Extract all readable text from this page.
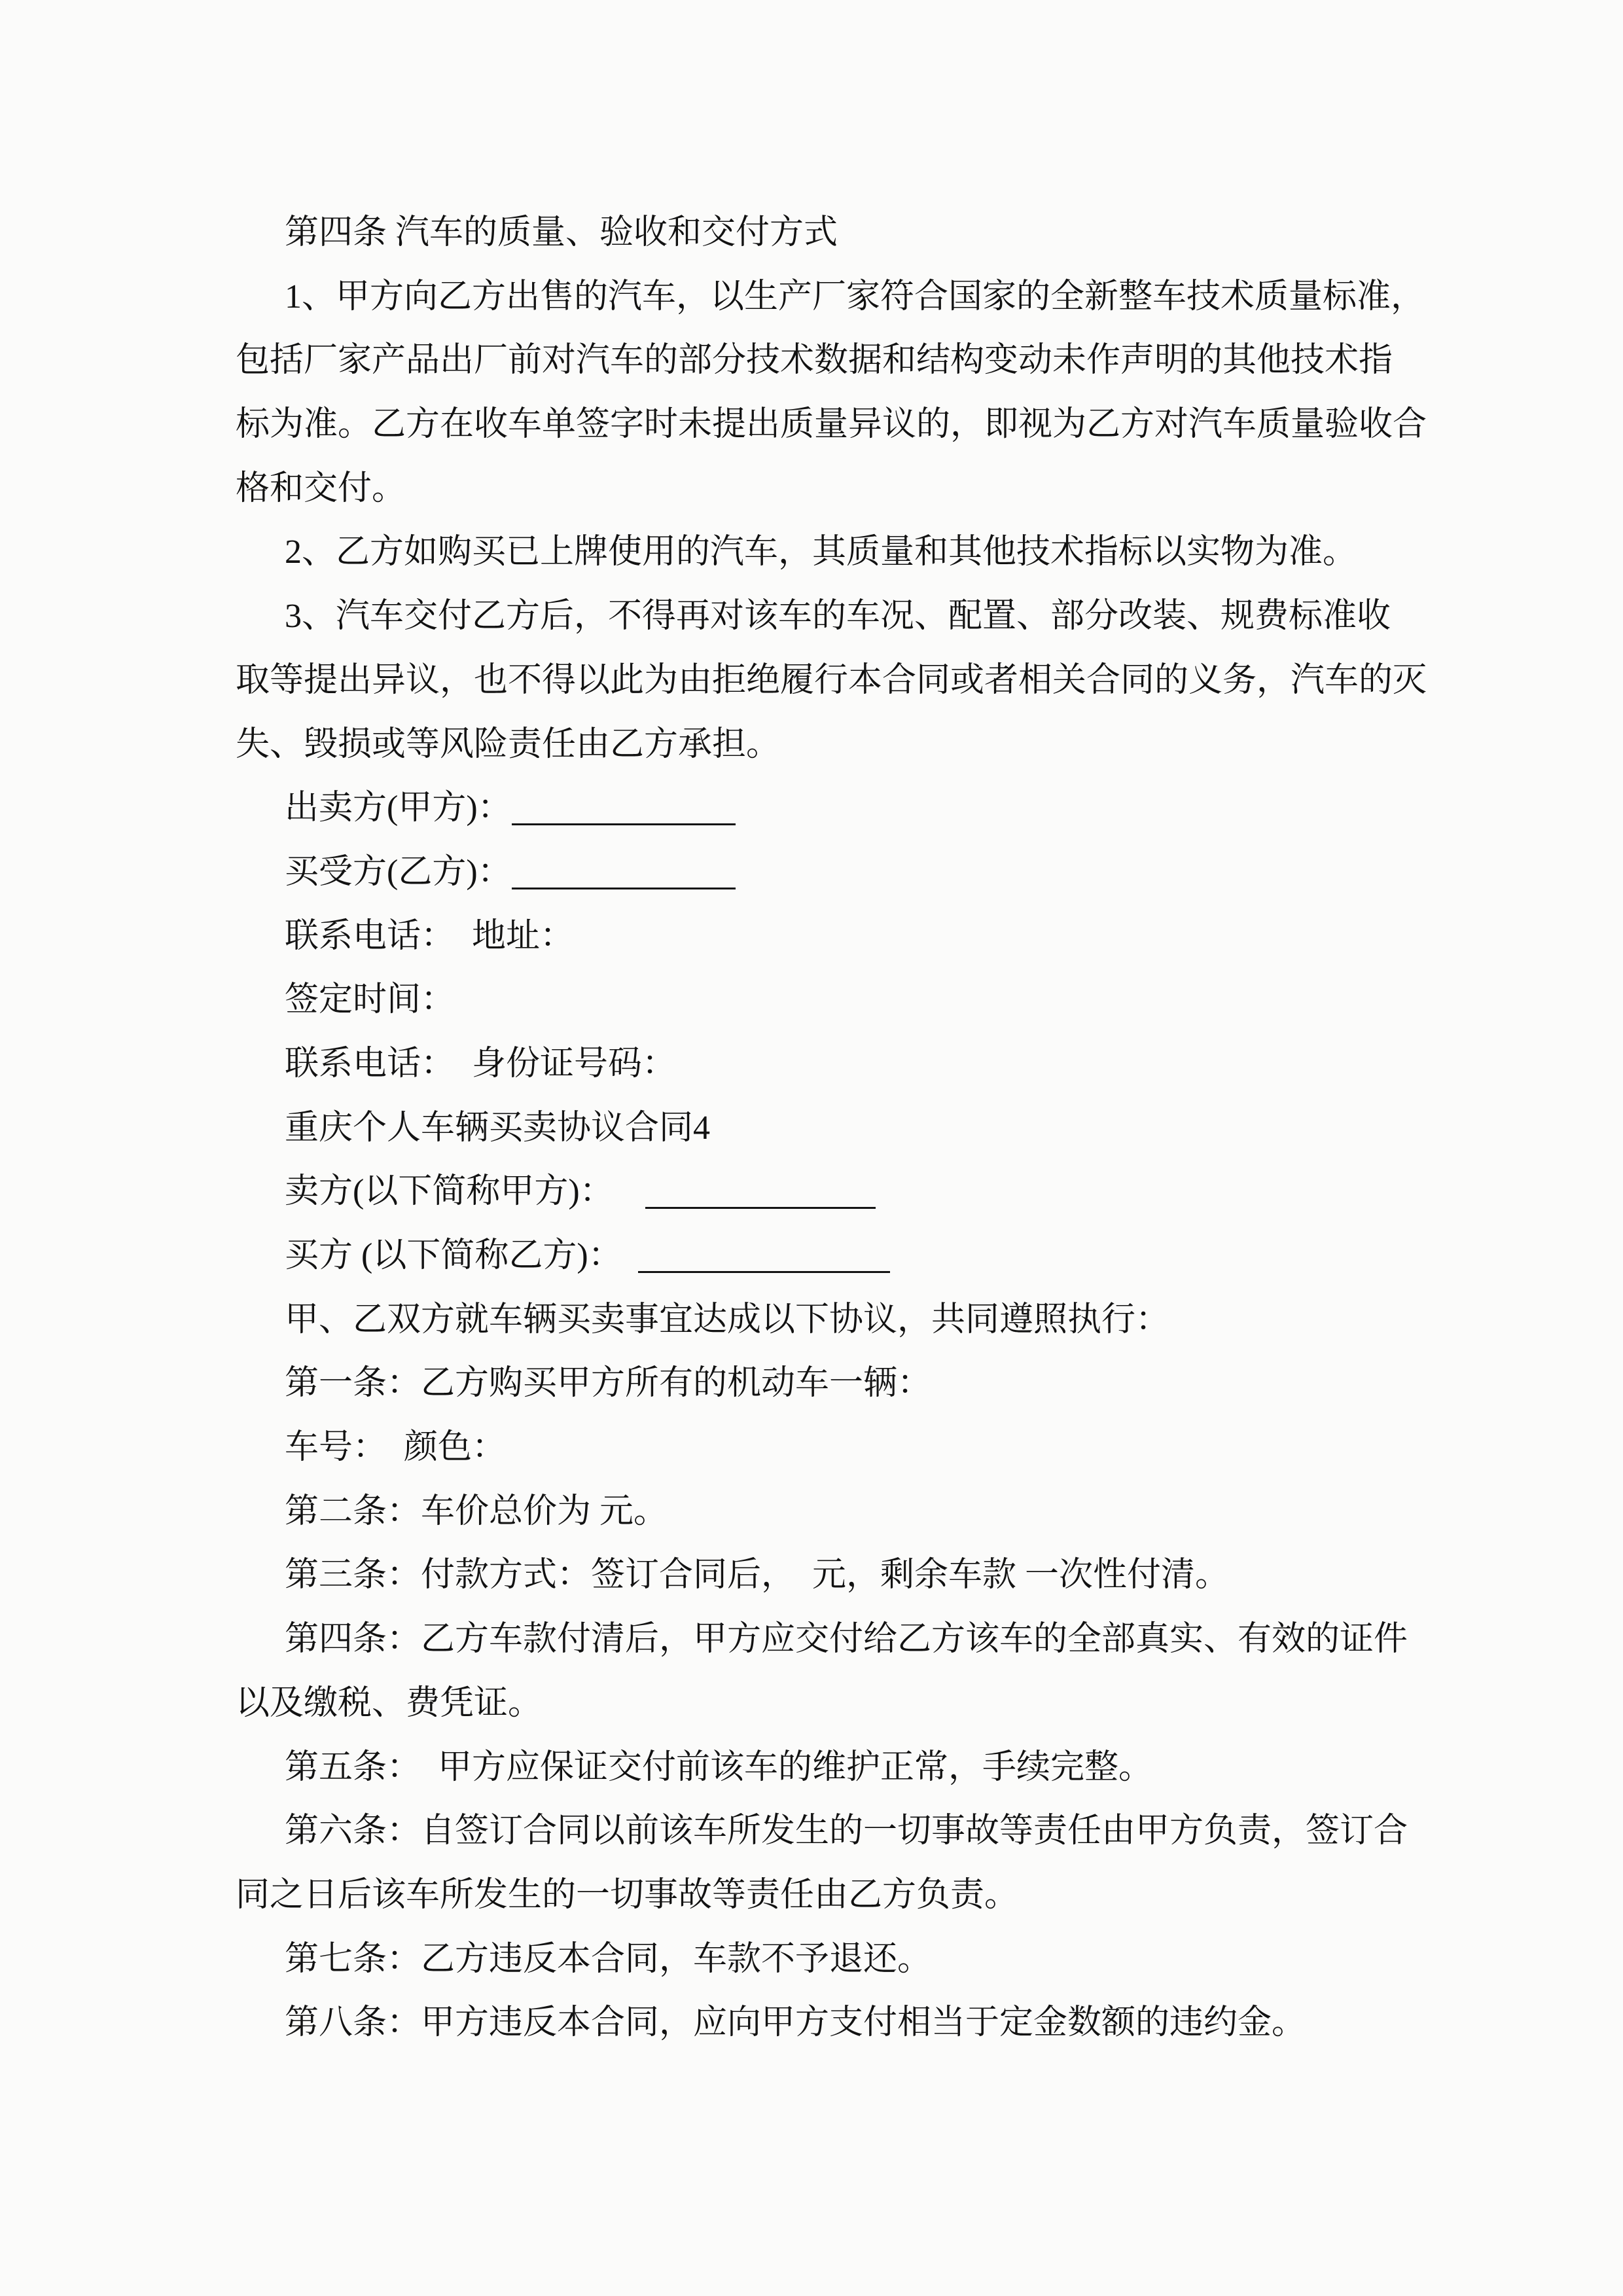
第四条 汽车的质量、验收和交付方式
1、甲方向乙方出售的汽车，以生产厂家符合国家的全新整车技术质量标准，
包括厂家产品出厂前对汽车的部分技术数据和结构变动未作声明的其他技术指
标为准。乙方在收车单签字时未提出质量异议的，即视为乙方对汽车质量验收合
格和交付。
2、乙方如购买已上牌使用的汽车，其质量和其他技术指标以实物为准。
3、汽车交付乙方后，不得再对该车的车况、配置、部分改装、规费标准收
取等提出异议，也不得以此为由拒绝履行本合同或者相关合同的义务，汽车的灭
失、毁损或等风险责任由乙方承担。
出卖方(甲方)：
买受方(乙方)：
联系电话：　地址：
签定时间：
联系电话：　身份证号码：
重庆个人车辆买卖协议合同4
卖方(以下简称甲方)：
买方 (以下简称乙方)：
甲、乙双方就车辆买卖事宜达成以下协议，共同遵照执行：
第一条：乙方购买甲方所有的机动车一辆：
车号：　颜色：
第二条：车价总价为 元。
第三条：付款方式：签订合同后，　元，剩余车款 一次性付清。
第四条：乙方车款付清后，甲方应交付给乙方该车的全部真实、有效的证件
以及缴税、费凭证。
第五条：　甲方应保证交付前该车的维护正常，手续完整。
第六条：自签订合同以前该车所发生的一切事故等责任由甲方负责，签订合
同之日后该车所发生的一切事故等责任由乙方负责。
第七条：乙方违反本合同，车款不予退还。
第八条：甲方违反本合同，应向甲方支付相当于定金数额的违约金。
